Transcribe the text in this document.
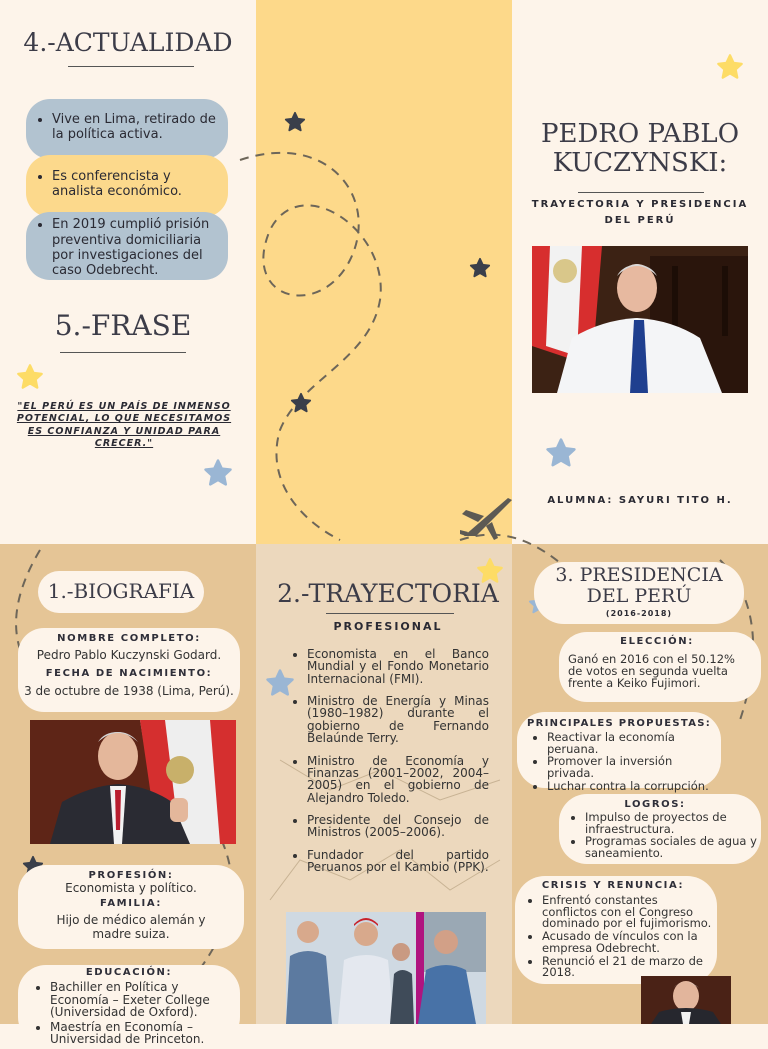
4.-ACTUALIDAD
• Vive en Lima, retirado de la política activa.
• Es conferencista y analista económico.
• En 2019 cumplió prisión preventiva domiciliaria por investigaciones del caso Odebrecht.
5.-FRASE
"EL PERÚ ES UN PAÍS DE INMENSO POTENCIAL, LO QUE NECESITAMOS ES CONFIANZA Y UNIDAD PARA CRECER."
PEDRO PABLO
KUCZYNSKI:
TRAYECTORIA Y PRESIDENCIA DEL PERÚ
ALUMNA: SAYURI TITO H.
1.-BIOGRAFIA
NOMBRE COMPLETO:
Pedro Pablo Kuczynski Godard.
FECHA DE NACIMIENTO:
3 de octubre de 1938 (Lima, Perú).
PROFESIÓN:
Economista y político.
FAMILIA:
Hijo de médico alemán y madre suiza.
EDUCACIÓN:
• Bachiller en Política y Economía – Exeter College (Universidad de Oxford).
• Maestría en Economía – Universidad de Princeton.
2.-TRAYECTORIA
PROFESIONAL
• Economista en el Banco Mundial y el Fondo Monetario Internacional (FMI).
• Ministro de Energía y Minas (1980–1982) durante el gobierno de Fernando Belaúnde Terry.
• Ministro de Economía y Finanzas (2001–2002, 2004–2005) en el gobierno de Alejandro Toledo.
• Presidente del Consejo de Ministros (2005–2006).
• Fundador del partido Peruanos por el Kambio (PPK).
3. PRESIDENCIA
DEL PERÚ
(2016-2018)
ELECCIÓN:
Ganó en 2016 con el 50.12% de votos en segunda vuelta frente a Keiko Fujimori.
PRINCIPALES PROPUESTAS:
• Reactivar la economía peruana.
• Promover la inversión privada.
• Luchar contra la corrupción.
LOGROS:
• Impulso de proyectos de infraestructura.
• Programas sociales de agua y saneamiento.
CRISIS Y RENUNCIA:
• Enfrentó constantes conflictos con el Congreso dominado por el fujimorismo.
• Acusado de vínculos con la empresa Odebrecht.
• Renunció el 21 de marzo de 2018.
